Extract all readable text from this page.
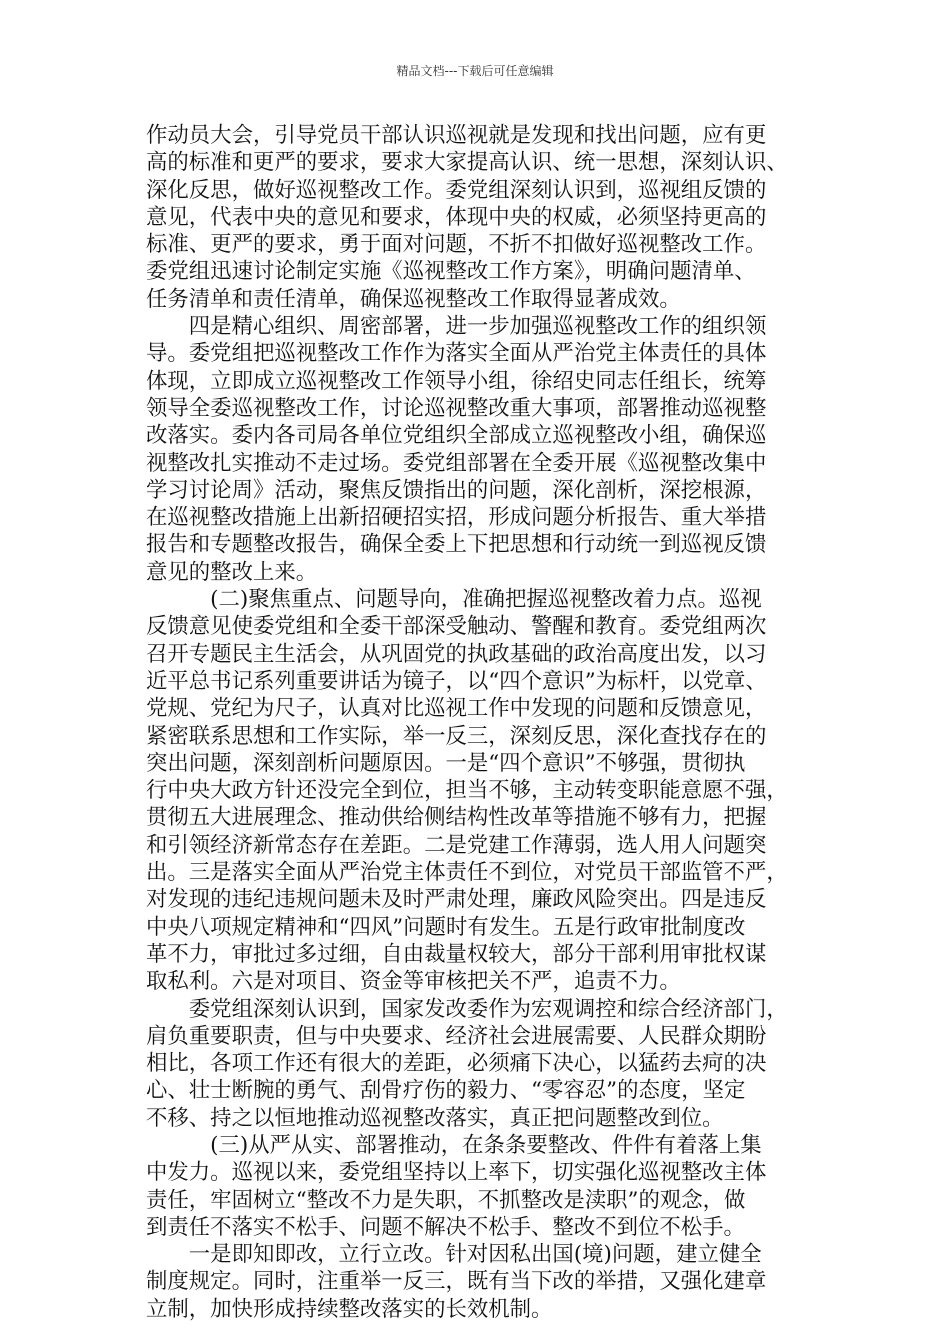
精品文档---下载后可任意编辑
作动员大会，引导党员干部认识巡视就是发现和找出问题，应有更
高的标准和更严的要求，要求大家提高认识、统一思想，深刻认识、
深化反思，做好巡视整改工作。委党组深刻认识到，巡视组反馈的
意见，代表中央的意见和要求，体现中央的权威，必须坚持更高的
标准、更严的要求，勇于面对问题，不折不扣做好巡视整改工作。
委党组迅速讨论制定实施《巡视整改工作方案》，明确问题清单、
任务清单和责任清单，确保巡视整改工作取得显著成效。
　　四是精心组织、周密部署，进一步加强巡视整改工作的组织领
导。委党组把巡视整改工作作为落实全面从严治党主体责任的具体
体现，立即成立巡视整改工作领导小组，徐绍史同志任组长，统筹
领导全委巡视整改工作，讨论巡视整改重大事项，部署推动巡视整
改落实。委内各司局各单位党组织全部成立巡视整改小组，确保巡
视整改扎实推动不走过场。委党组部署在全委开展《巡视整改集中
学习讨论周》活动，聚焦反馈指出的问题，深化剖析，深挖根源，
在巡视整改措施上出新招硬招实招，形成问题分析报告、重大举措
报告和专题整改报告，确保全委上下把思想和行动统一到巡视反馈
意见的整改上来。
　　　(二)聚焦重点、问题导向，准确把握巡视整改着力点。巡视
反馈意见使委党组和全委干部深受触动、警醒和教育。委党组两次
召开专题民主生活会，从巩固党的执政基础的政治高度出发，以习
近平总书记系列重要讲话为镜子，以“四个意识”为标杆，以党章、
党规、党纪为尺子，认真对比巡视工作中发现的问题和反馈意见，
紧密联系思想和工作实际，举一反三，深刻反思，深化查找存在的
突出问题，深刻剖析问题原因。一是“四个意识”不够强，贯彻执
行中央大政方针还没完全到位，担当不够，主动转变职能意愿不强，
贯彻五大进展理念、推动供给侧结构性改革等措施不够有力，把握
和引领经济新常态存在差距。二是党建工作薄弱，选人用人问题突
出。三是落实全面从严治党主体责任不到位，对党员干部监管不严，
对发现的违纪违规问题未及时严肃处理，廉政风险突出。四是违反
中央八项规定精神和“四风”问题时有发生。五是行政审批制度改
革不力，审批过多过细，自由裁量权较大，部分干部利用审批权谋
取私利。六是对项目、资金等审核把关不严，追责不力。
　　委党组深刻认识到，国家发改委作为宏观调控和综合经济部门，
肩负重要职责，但与中央要求、经济社会进展需要、人民群众期盼
相比，各项工作还有很大的差距，必须痛下决心，以猛药去疴的决
心、壮士断腕的勇气、刮骨疗伤的毅力、“零容忍”的态度，坚定
不移、持之以恒地推动巡视整改落实，真正把问题整改到位。
　　　(三)从严从实、部署推动，在条条要整改、件件有着落上集
中发力。巡视以来，委党组坚持以上率下，切实强化巡视整改主体
责任，牢固树立“整改不力是失职，不抓整改是渎职”的观念，做
到责任不落实不松手、问题不解决不松手、整改不到位不松手。
　　一是即知即改，立行立改。针对因私出国(境)问题，建立健全
制度规定。同时，注重举一反三，既有当下改的举措，又强化建章
立制，加快形成持续整改落实的长效机制。
